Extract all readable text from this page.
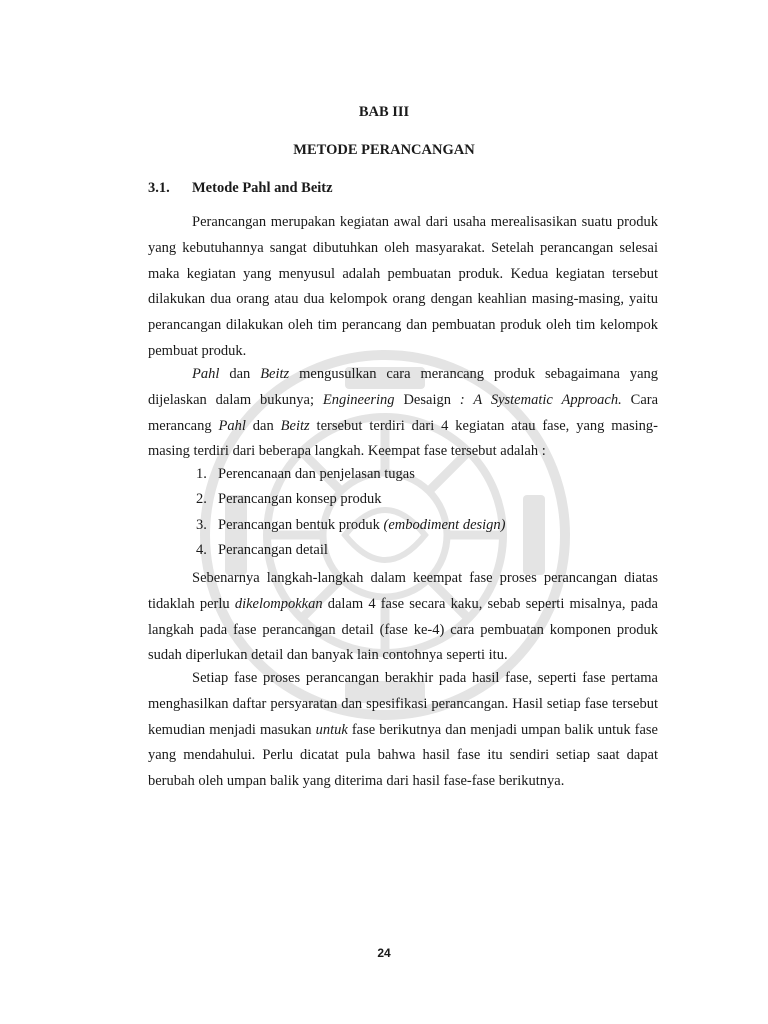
BAB III
METODE PERANCANGAN
3.1. Metode Pahl and Beitz

Perancangan merupakan kegiatan awal dari usaha merealisasikan suatu produk yang kebutuhannya sangat dibutuhkan oleh masyarakat. Setelah perancangan selesai maka kegiatan yang menyusul adalah pembuatan produk. Kedua kegiatan tersebut dilakukan dua orang atau dua kelompok orang dengan keahlian masing-masing, yaitu perancangan dilakukan oleh tim perancang dan pembuatan produk oleh tim kelompok pembuat produk.

Pahl dan Beitz mengusulkan cara merancang produk sebagaimana yang dijelaskan dalam bukunya; Engineering Desaign : A Systematic Approach. Cara merancang Pahl dan Beitz tersebut terdiri dari 4 kegiatan atau fase, yang masing-masing terdiri dari beberapa langkah. Keempat fase tersebut adalah :

1. Perencanaan dan penjelasan tugas
2. Perancangan konsep produk
3. Perancangan bentuk produk (embodiment design)
4. Perancangan detail

Sebenarnya langkah-langkah dalam keempat fase proses perancangan diatas tidaklah perlu dikelompokkan dalam 4 fase secara kaku, sebab seperti misalnya, pada langkah pada fase perancangan detail (fase ke-4) cara pembuatan komponen produk sudah diperlukan detail dan banyak lain contohnya seperti itu.

Setiap fase proses perancangan berakhir pada hasil fase, seperti fase pertama menghasilkan daftar persyaratan dan spesifikasi perancangan. Hasil setiap fase tersebut kemudian menjadi masukan untuk fase berikutnya dan menjadi umpan balik untuk fase yang mendahului. Perlu dicatat pula bahwa hasil fase itu sendiri setiap saat dapat berubah oleh umpan balik yang diterima dari hasil fase-fase berikutnya.

24
